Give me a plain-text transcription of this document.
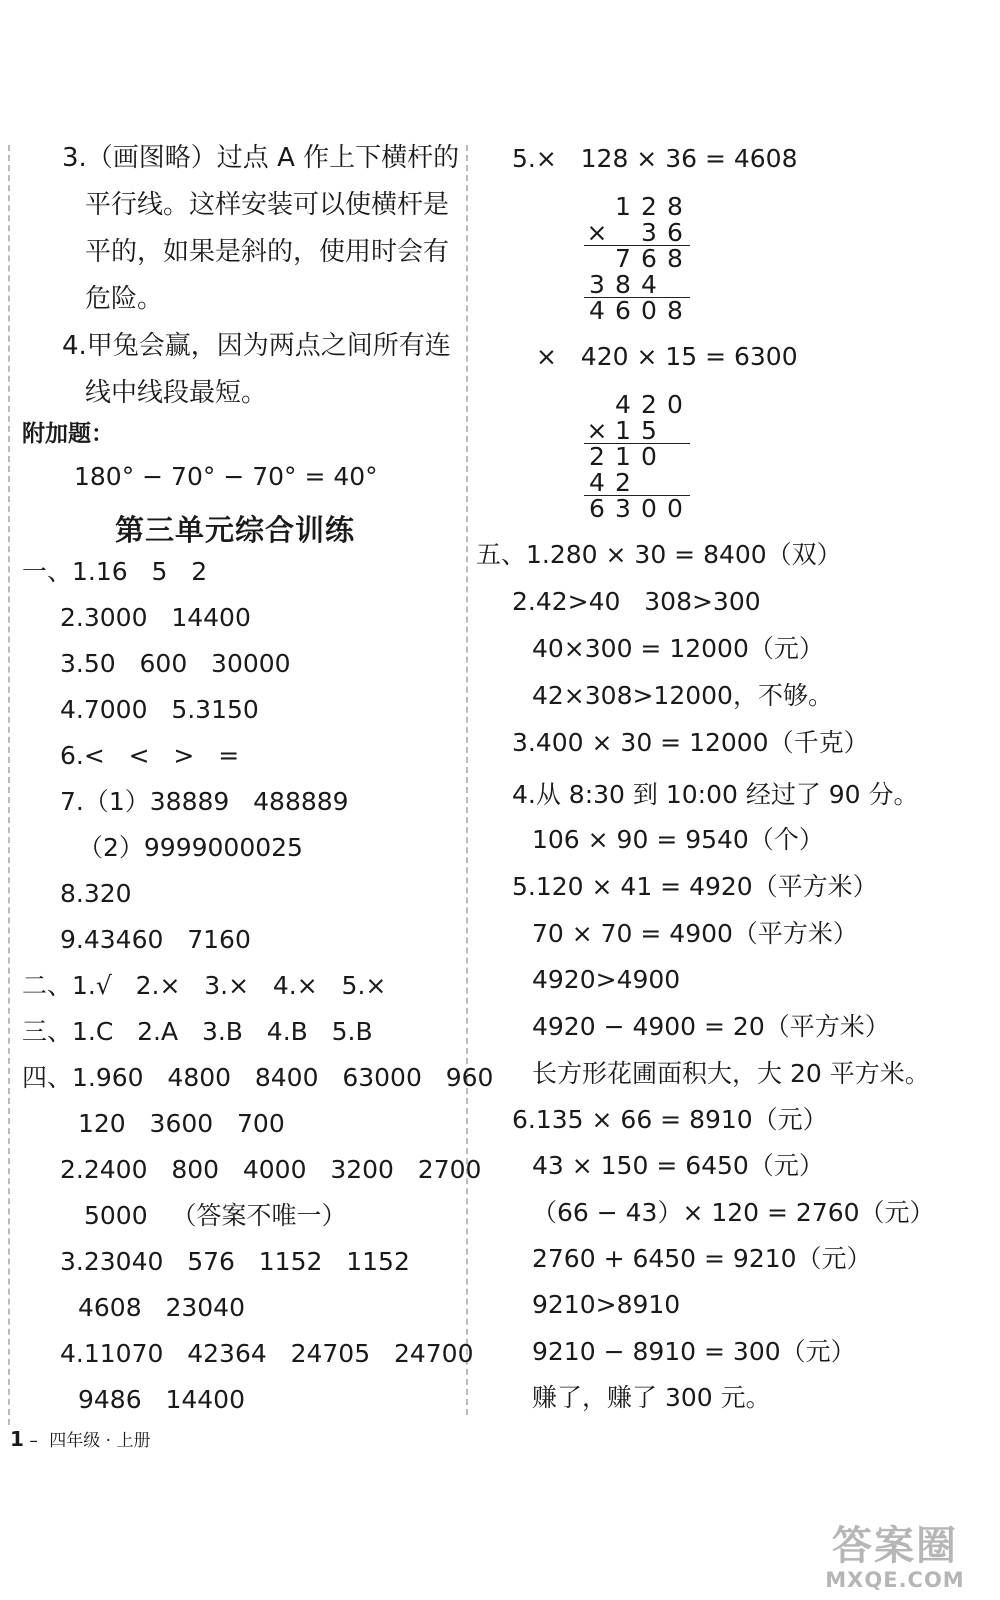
3.（画图略）过点 A 作上下横杆的
平行线。这样安装可以使横杆是
平的，如果是斜的，使用时会有
危险。
4.甲兔会赢，因为两点之间所有连
线中线段最短。
附加题：
180° − 70° − 70° = 40°
第三单元综合训练
一、1.16   5   2
2.3000   14400
3.50   600   30000
4.7000   5.3150
6.<   <   >   =
7.（1）38889   488889
（2）9999000025
8.320
9.43460   7160
二、1.√   2.×   3.×   4.×   5.×
三、1.C   2.A   3.B   4.B   5.B
四、1.960   4800   8400   63000   960
120   3600   700
2.2400   800   4000   3200   2700
5000   （答案不唯一）
3.23040   576   1152   1152
4608   23040
4.11070   42364   24705   24700
9486   14400
5.×   128 × 36 = 4608
1 2 8
× 3 6
7 6 8
3 8 4
4 6 0 8
×   420 × 15 = 6300
4 2 0
× 1 5
2 1 0
4 2
6 3 0 0
五、1.280 × 30 = 8400（双）
2.42>40   308>300
40×300 = 12000（元）
42×308>12000，不够。
3.400 × 30 = 12000（千克）
4.从 8:30 到 10:00 经过了 90 分。
106 × 90 = 9540（个）
5.120 × 41 = 4920（平方米）
70 × 70 = 4900（平方米）
4920>4900
4920 − 4900 = 20（平方米）
长方形花圃面积大，大 20 平方米。
6.135 × 66 = 8910（元）
43 × 150 = 6450（元）
（66 − 43）× 120 = 2760（元）
2760 + 6450 = 9210（元）
9210>8910
9210 − 8910 = 300（元）
赚了，赚了 300 元。
1 – 四年级 · 上册
答案圈
MXQE.COM
